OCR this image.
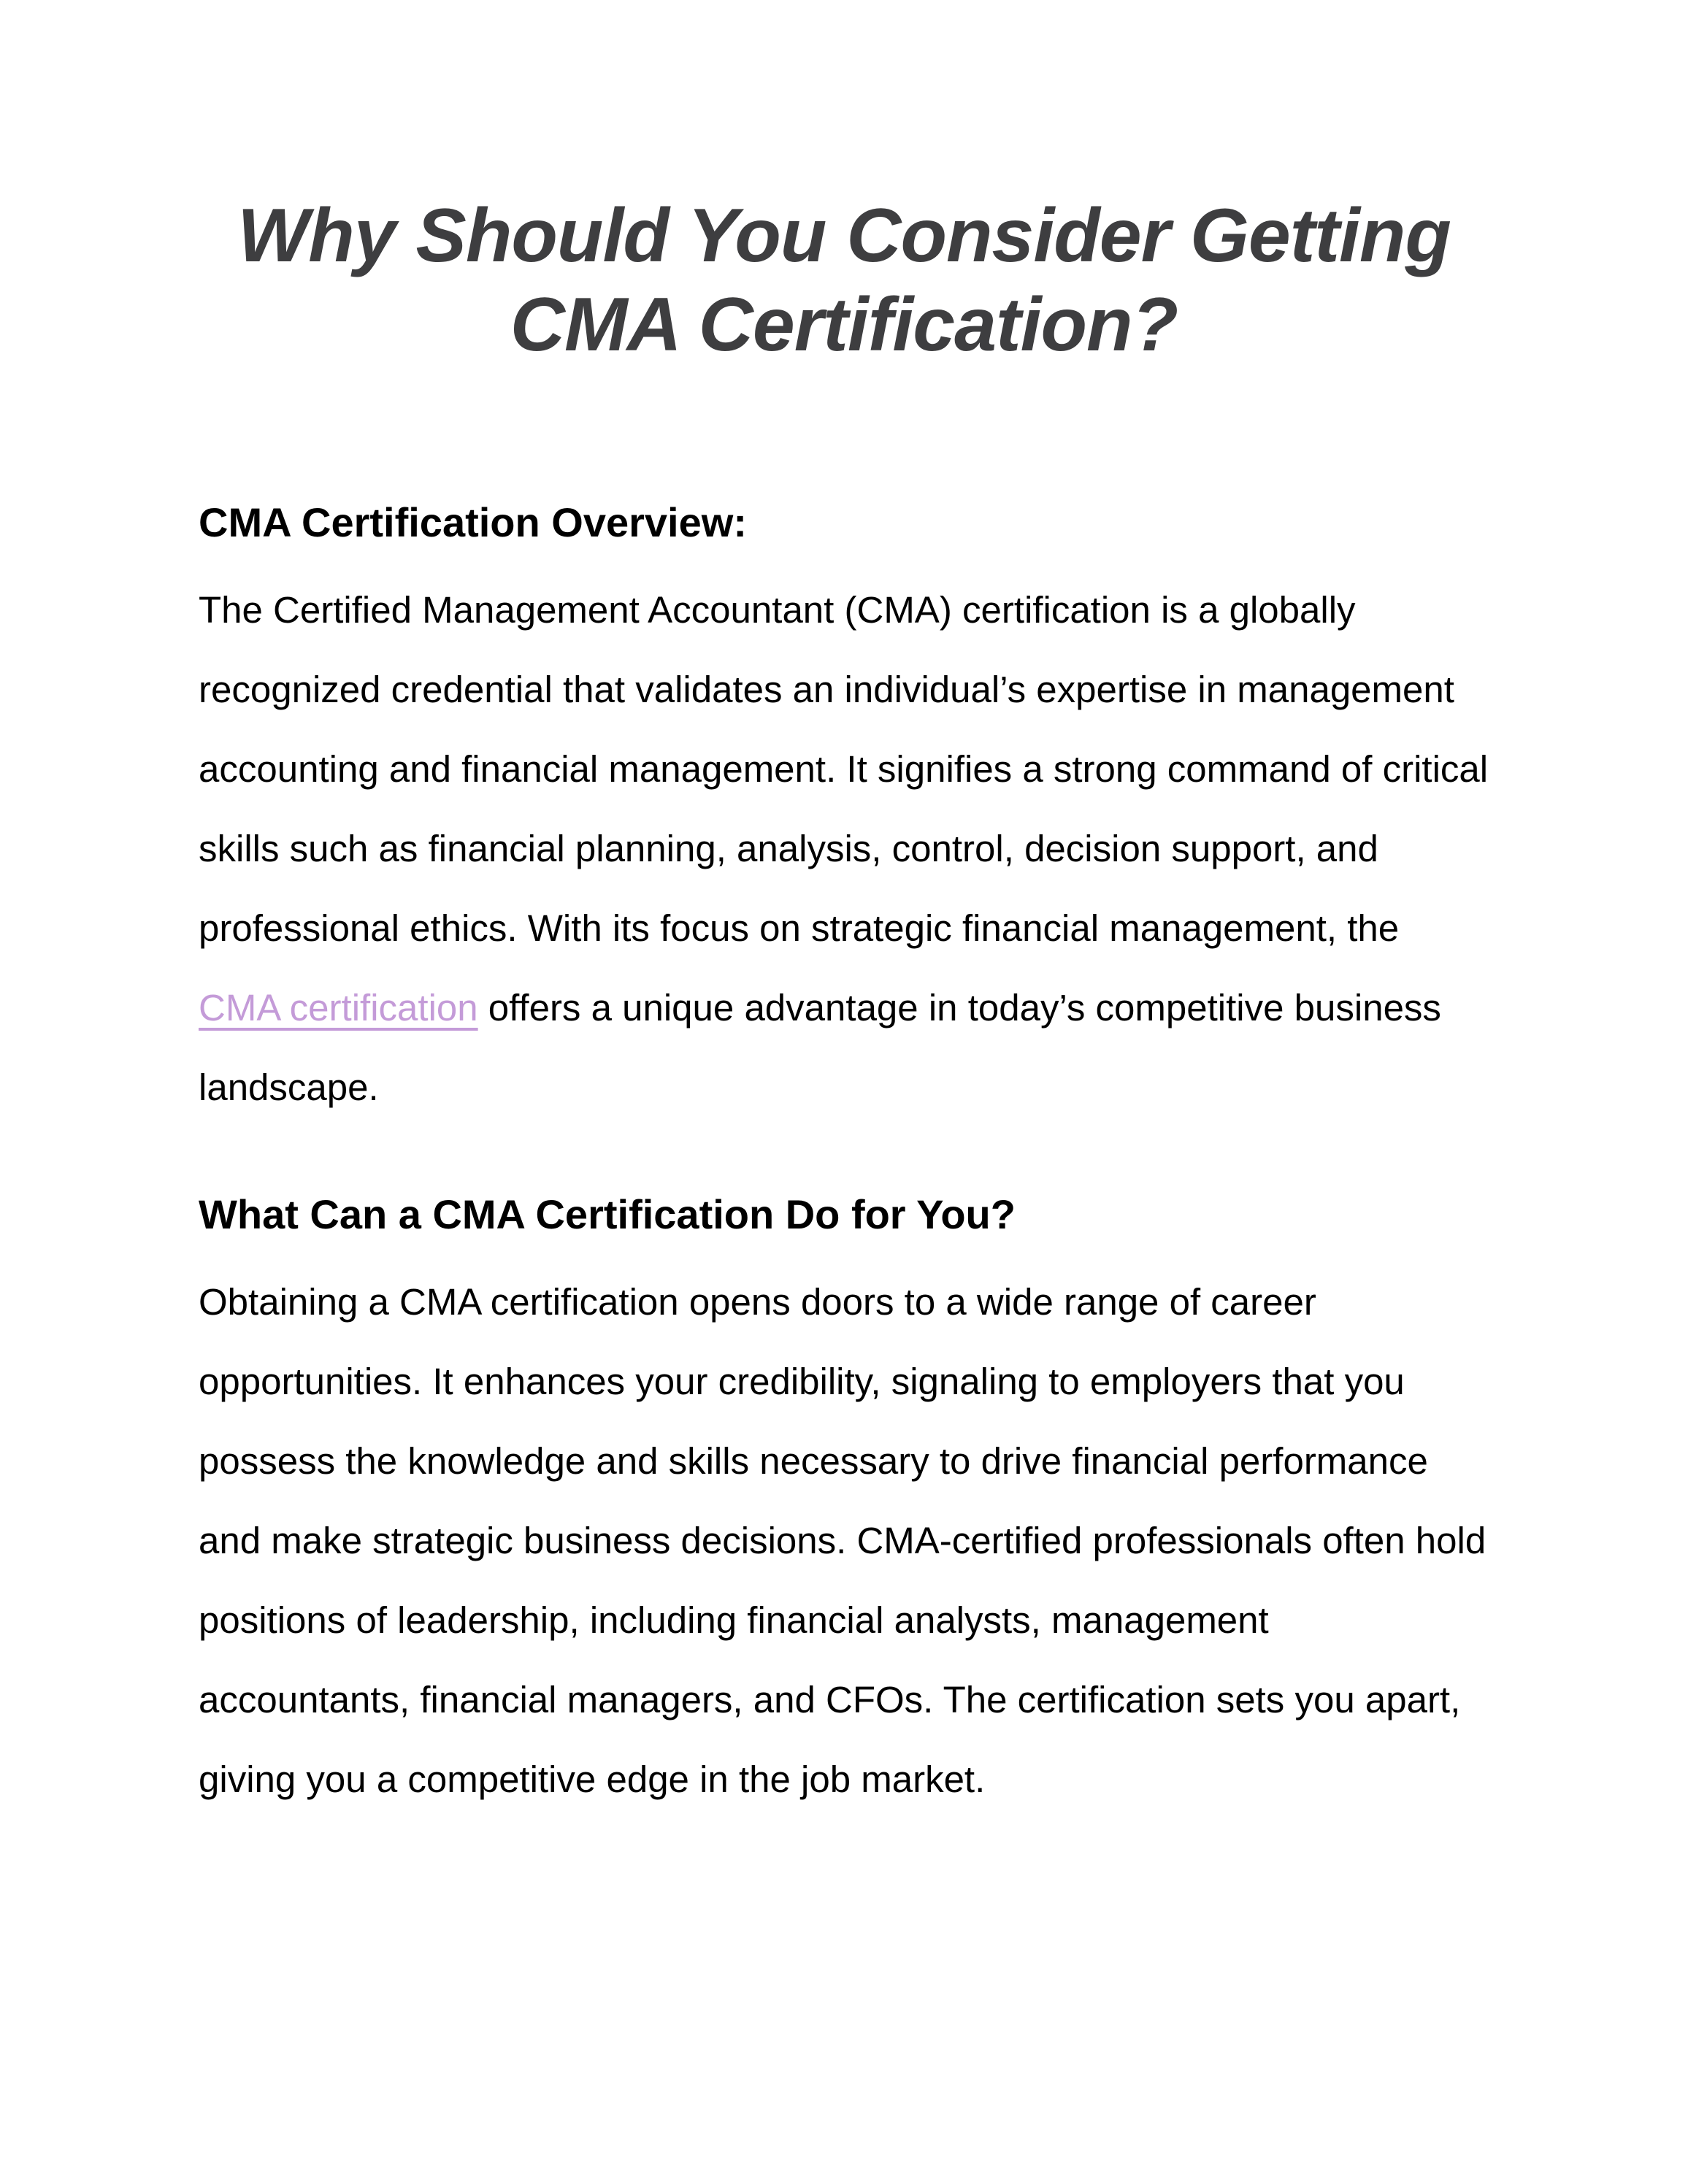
Why Should You Consider Getting CMA Certification?
CMA Certification Overview:

The Certified Management Accountant (CMA) certification is a globally recognized credential that validates an individual’s expertise in management accounting and financial management. It signifies a strong command of critical skills such as financial planning, analysis, control, decision support, and professional ethics. With its focus on strategic financial management, the CMA certification offers a unique advantage in today’s competitive business landscape.

What Can a CMA Certification Do for You?

Obtaining a CMA certification opens doors to a wide range of career opportunities. It enhances your credibility, signaling to employers that you possess the knowledge and skills necessary to drive financial performance and make strategic business decisions. CMA-certified professionals often hold positions of leadership, including financial analysts, management accountants, financial managers, and CFOs. The certification sets you apart, giving you a competitive edge in the job market.
